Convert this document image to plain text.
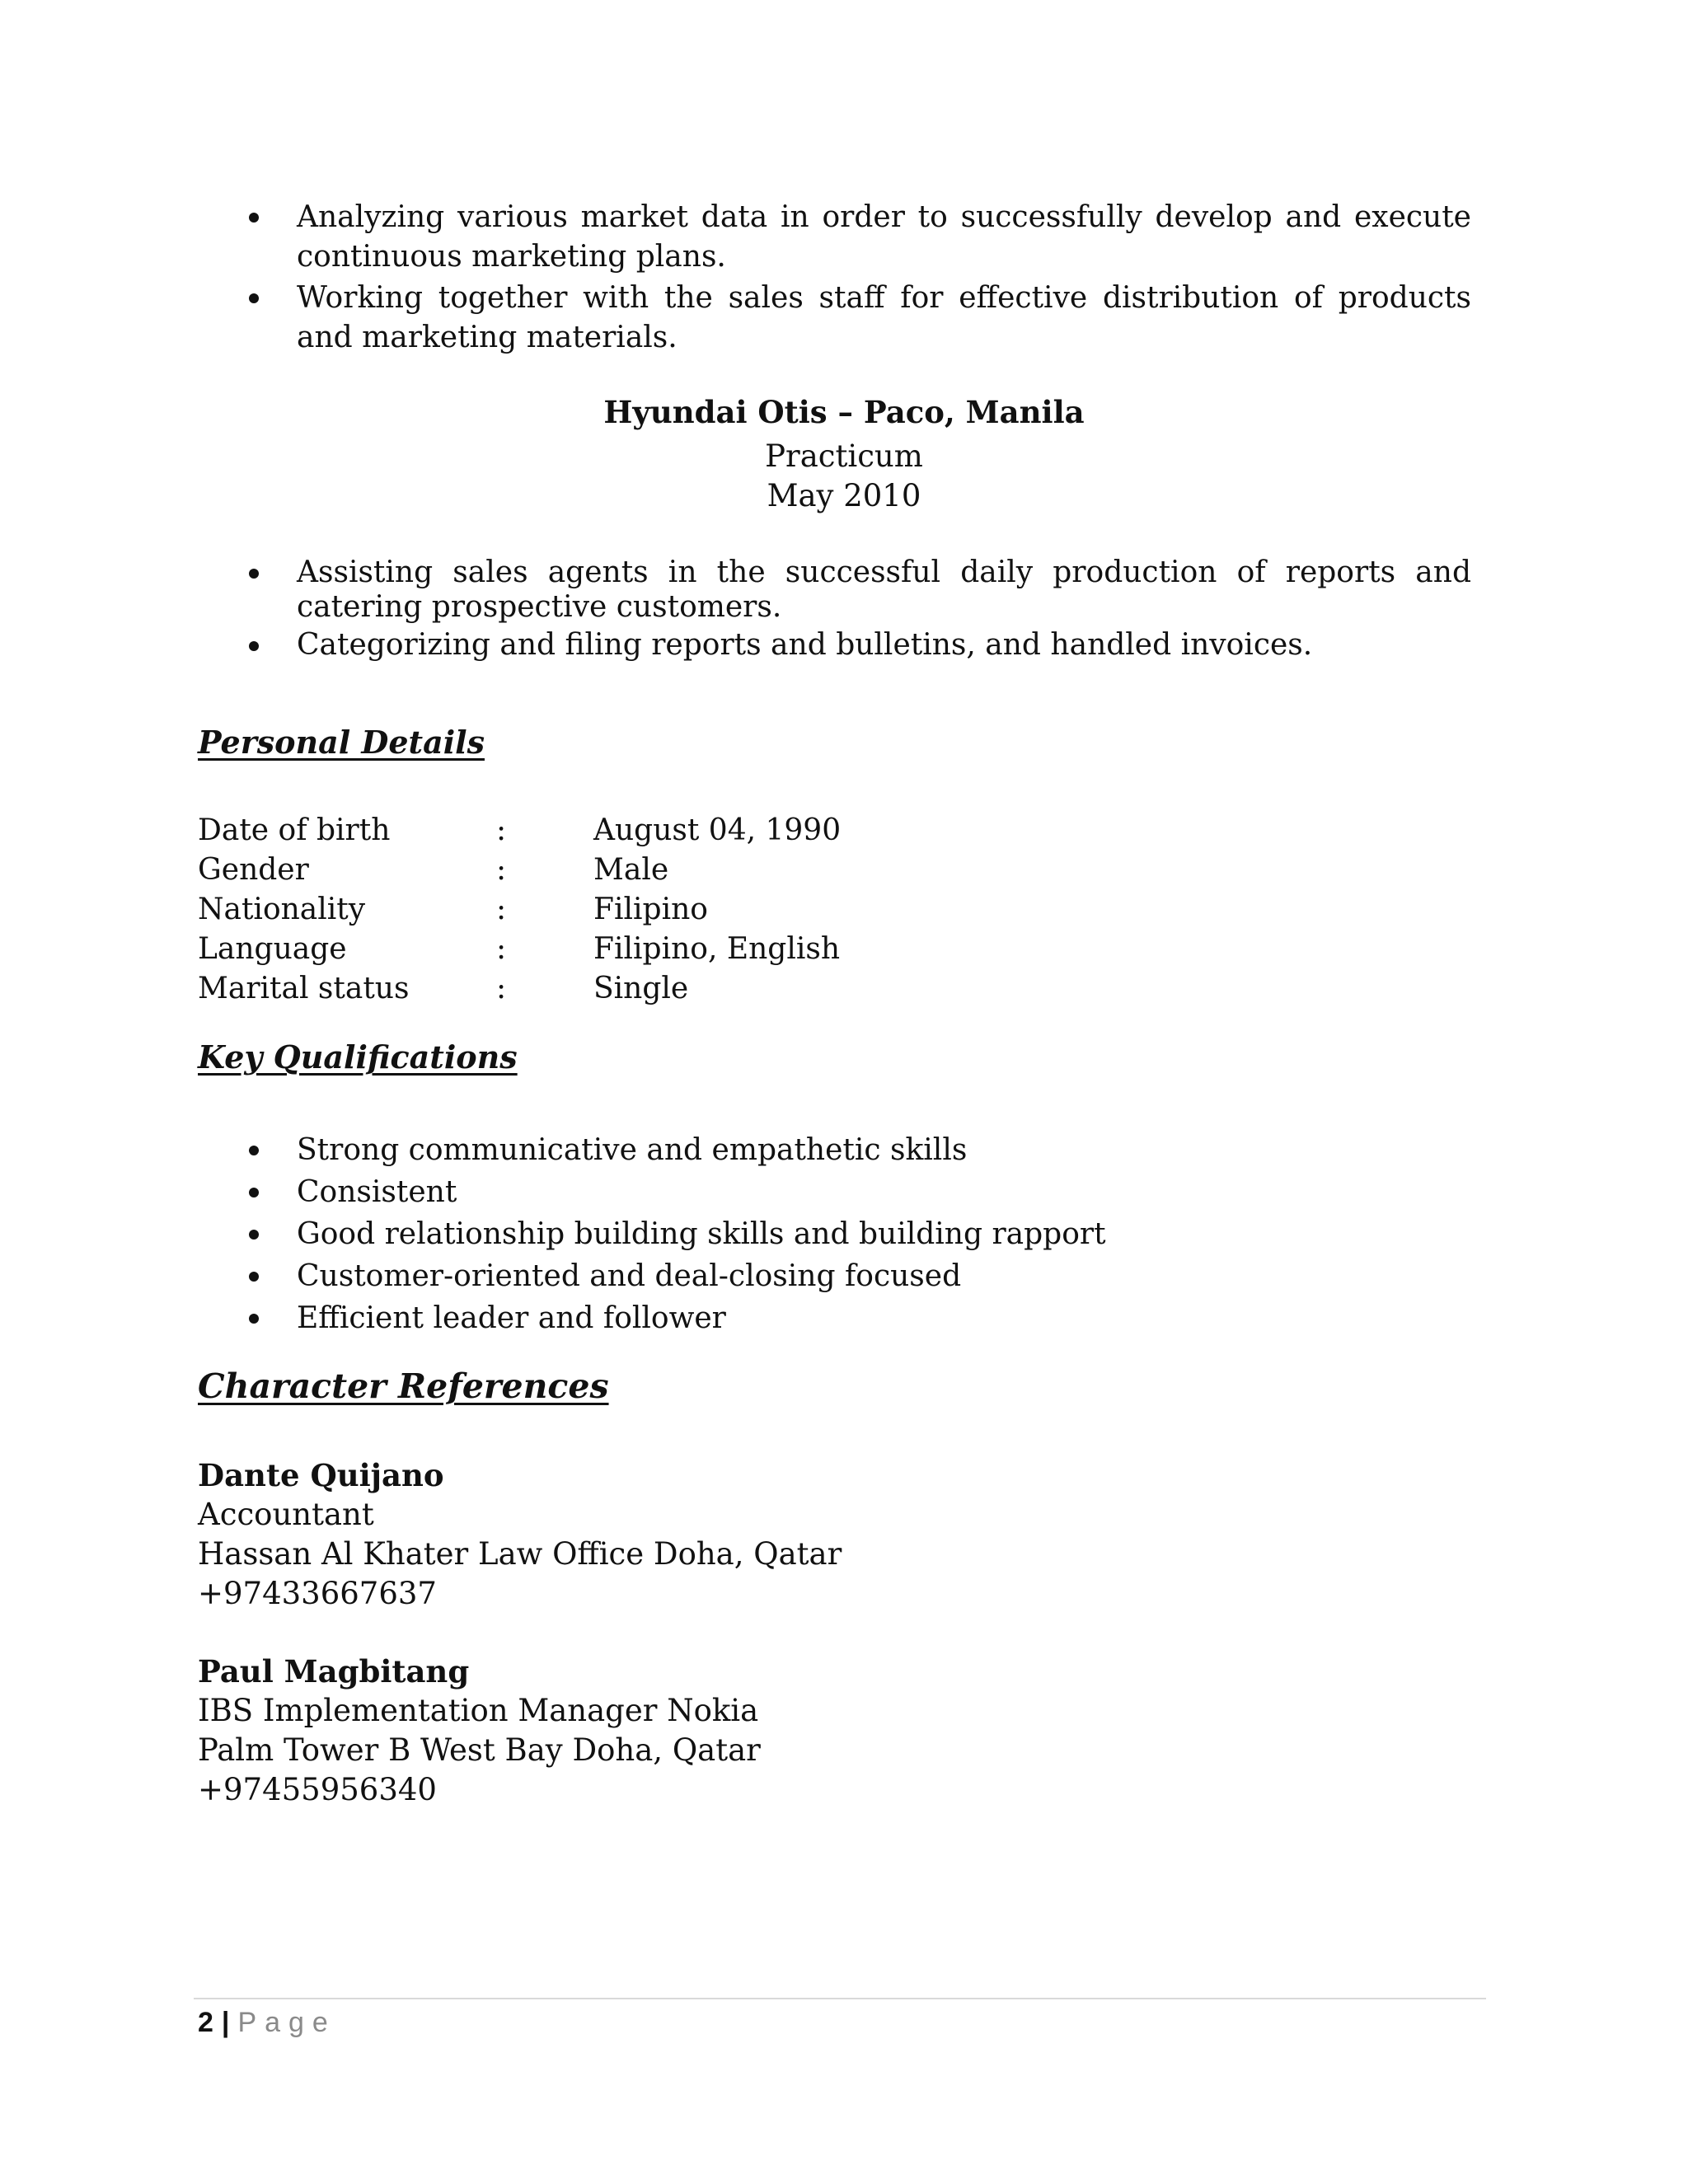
Analyzing various market data in order to successfully develop and execute continuous marketing plans.
Working together with the sales staff for effective distribution of products and marketing materials.
Hyundai Otis – Paco, Manila
Practicum
May 2010
Assisting sales agents in the successful daily production of reports and catering prospective customers.
Categorizing and filing reports and bulletins, and handled invoices.
Personal Details
Date of birth	:	August 04, 1990
Gender	:	Male
Nationality	:	Filipino
Language	:	Filipino, English
Marital status	:	Single
Key Qualifications
Strong communicative and empathetic skills
Consistent
Good relationship building skills and building rapport
Customer-oriented and deal-closing focused
Efficient leader and follower
Character References
Dante Quijano
Accountant
Hassan Al Khater Law Office Doha, Qatar
+97433667637
Paul Magbitang
IBS Implementation Manager Nokia
Palm Tower B West Bay Doha, Qatar
+97455956340
2 | Page
